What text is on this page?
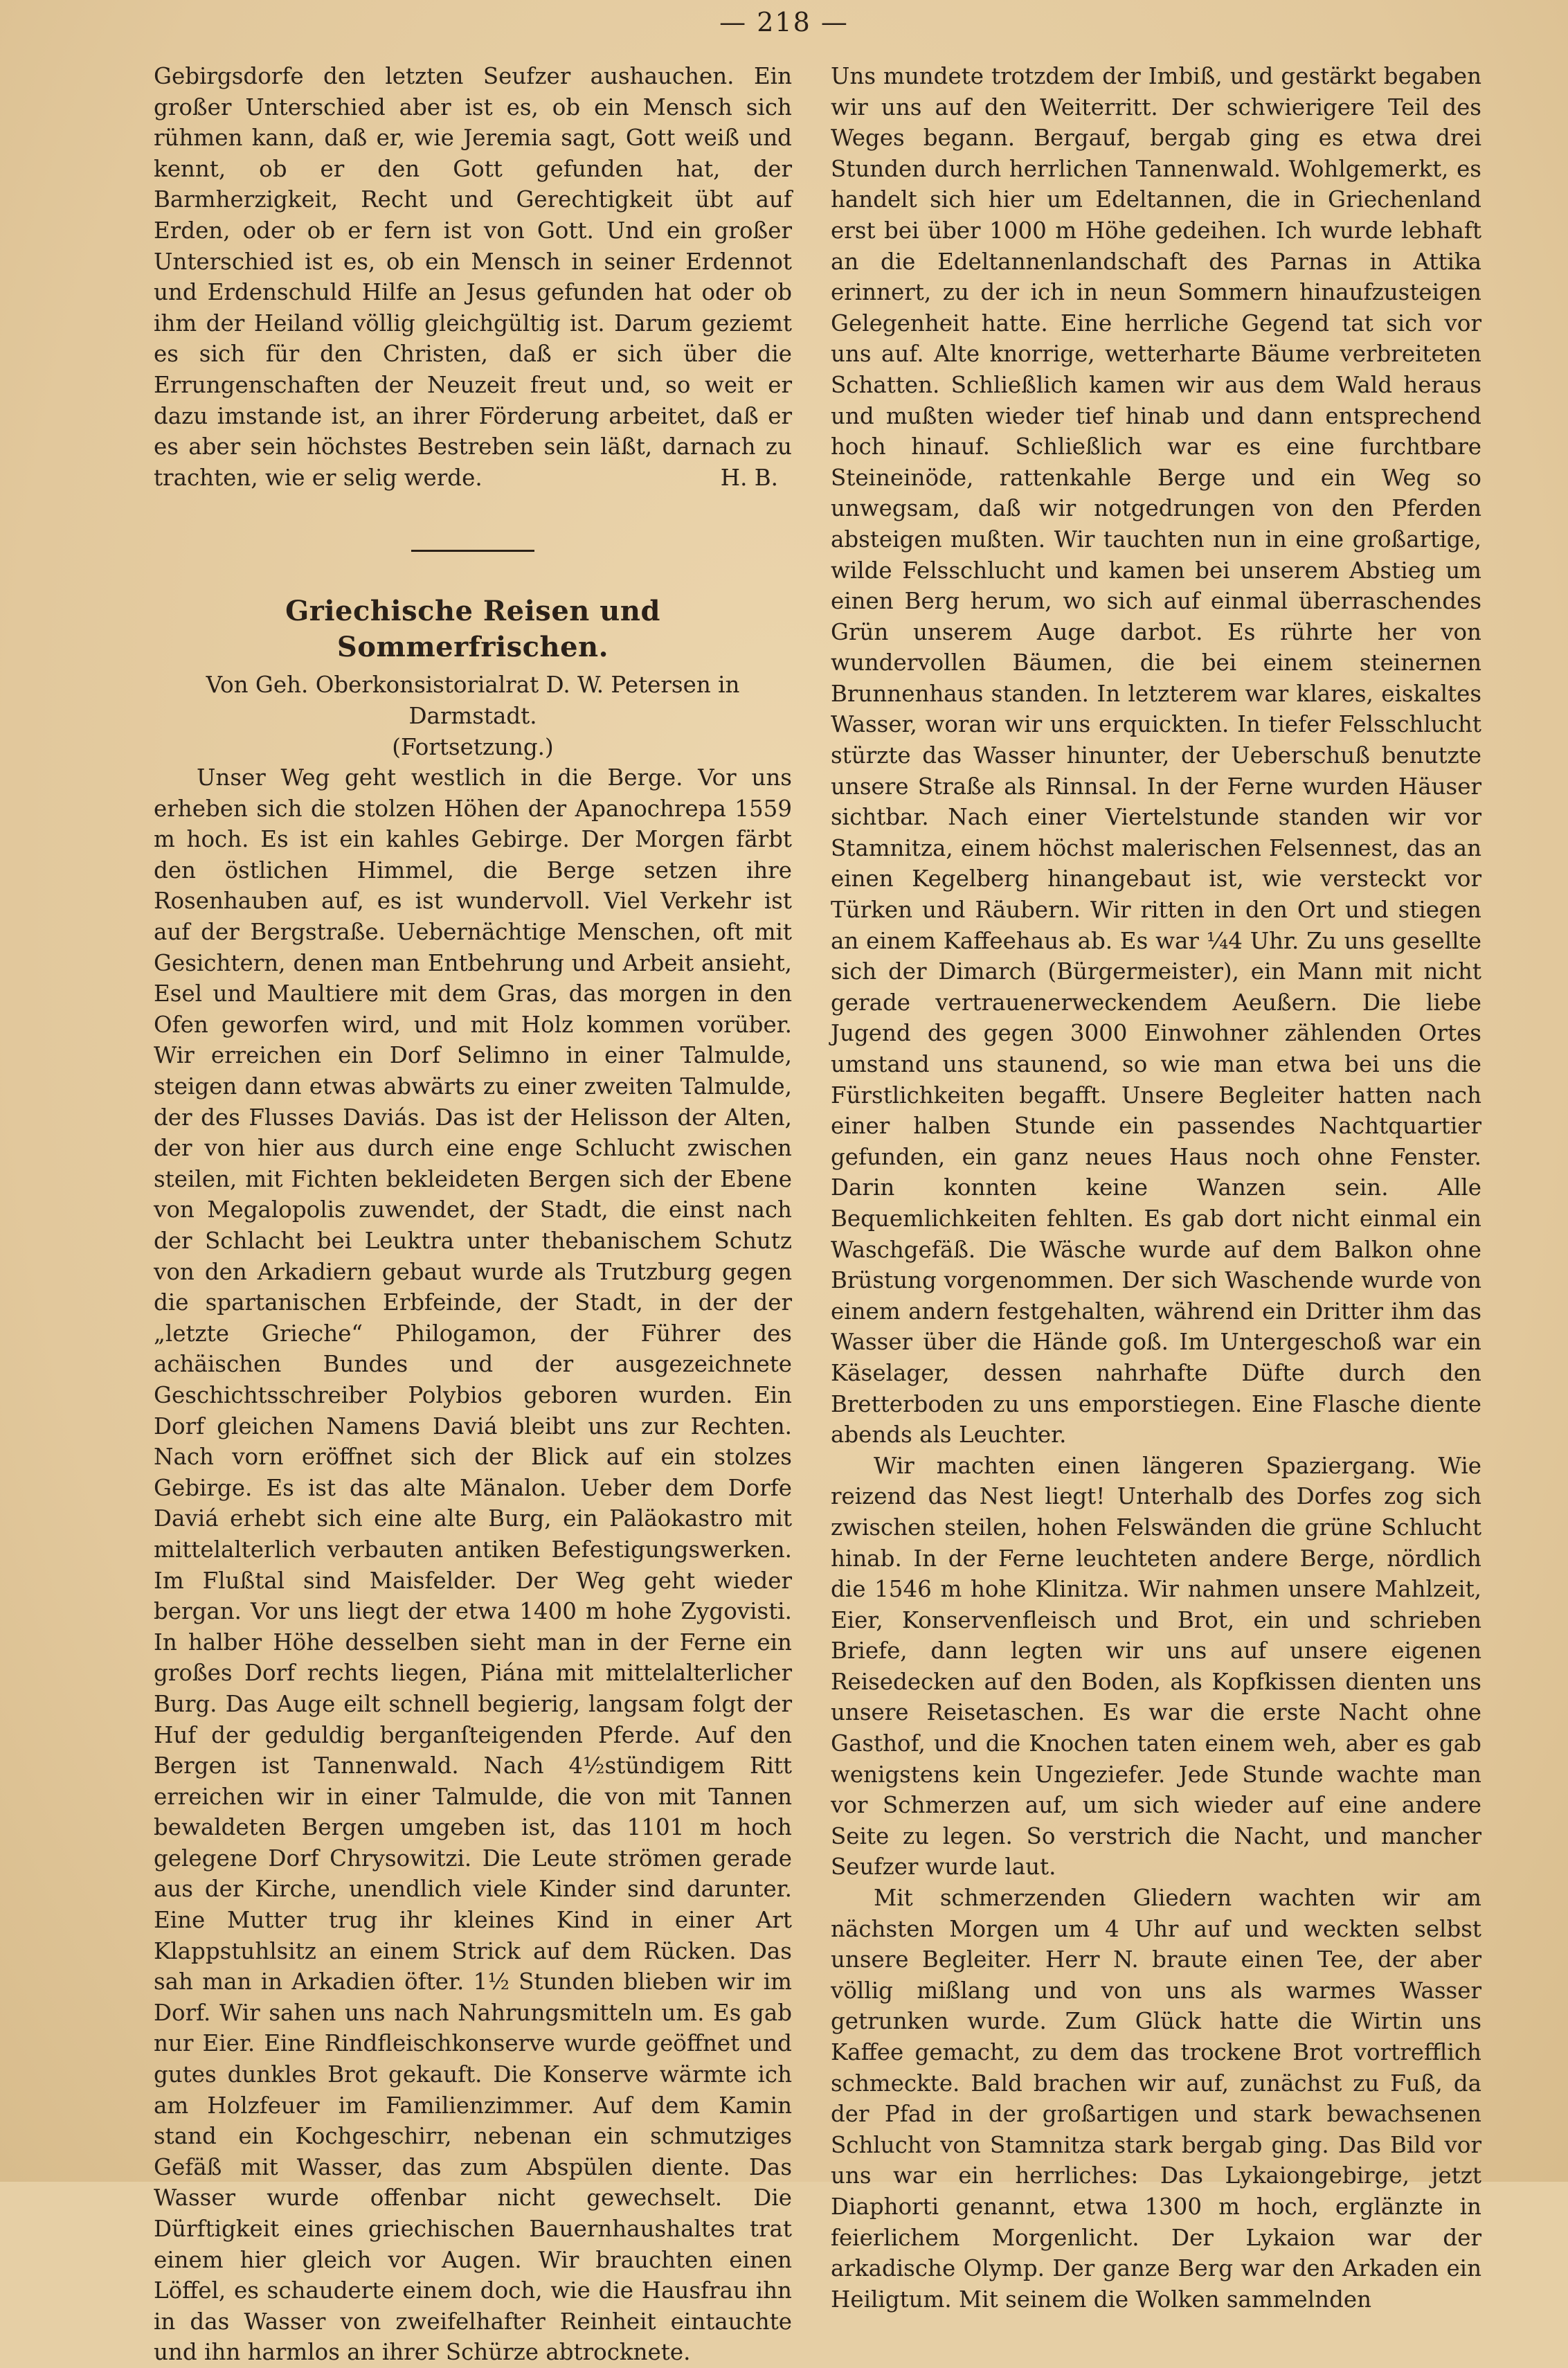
— 218 —

Gebirgsdorfe den letzten Seufzer aushauchen. Ein großer Unterschied aber ist es, ob ein Mensch sich rühmen kann, daß er, wie Jeremia sagt, Gott weiß und kennt, ob er den Gott gefunden hat, der Barmherzigkeit, Recht und Gerechtigkeit übt auf Erden, oder ob er fern ist von Gott. Und ein großer Unterschied ist es, ob ein Mensch in seiner Erdennot und Erdenschuld Hilfe an Jesus gefunden hat oder ob ihm der Heiland völlig gleichgültig ist. Darum geziemt es sich für den Christen, daß er sich über die Errungenschaften der Neuzeit freut und, so weit er dazu imstande ist, an ihrer Förderung arbeitet, daß er es aber sein höchstes Bestreben sein läßt, darnach zu trachten, wie er selig werde.	H. B.

Griechische Reisen und Sommerfrischen.

Von Geh. Oberkonsistorialrat D. W. Petersen in Darmstadt.

(Fortsetzung.)

Unser Weg geht westlich in die Berge. Vor uns erheben sich die stolzen Höhen der Apanochrepa 1559 m hoch. Es ist ein kahles Gebirge. Der Morgen färbt den östlichen Himmel, die Berge setzen ihre Rosenhauben auf, es ist wundervoll. Viel Verkehr ist auf der Bergstraße. Uebernächtige Menschen, oft mit Gesichtern, denen man Entbehrung und Arbeit ansieht, Esel und Maultiere mit dem Gras, das morgen in den Ofen geworfen wird, und mit Holz kommen vorüber. Wir erreichen ein Dorf Selimno in einer Talmulde, steigen dann etwas abwärts zu einer zweiten Talmulde, der des Flusses Daviás. Das ist der Helisson der Alten, der von hier aus durch eine enge Schlucht zwischen steilen, mit Fichten bekleideten Bergen sich der Ebene von Megalopolis zuwendet, der Stadt, die einst nach der Schlacht bei Leuktra unter thebanischem Schutz von den Arkadiern gebaut wurde als Trutzburg gegen die spartanischen Erbfeinde, der Stadt, in der der „letzte Grieche“ Philogamon, der Führer des achäischen Bundes und der ausgezeichnete Geschichtsschreiber Polybios geboren wurden. Ein Dorf gleichen Namens Daviá bleibt uns zur Rechten. Nach vorn eröffnet sich der Blick auf ein stolzes Gebirge. Es ist das alte Mänalon. Ueber dem Dorfe Daviá erhebt sich eine alte Burg, ein Paläokastro mit mittelalterlich verbauten antiken Befestigungswerken. Im Flußtal sind Maisfelder. Der Weg geht wieder bergan. Vor uns liegt der etwa 1400 m hohe Zygovisti. In halber Höhe desselben sieht man in der Ferne ein großes Dorf rechts liegen, Piána mit mittelalterlicher Burg. Das Auge eilt schnell begierig, langsam folgt der Huf der geduldig berganſteigenden Pferde. Auf den Bergen ist Tannenwald. Nach 4½stündigem Ritt erreichen wir in einer Talmulde, die von mit Tannen bewaldeten Bergen umgeben ist, das 1101 m hoch gelegene Dorf Chrysowitzi. Die Leute strömen gerade aus der Kirche, unendlich viele Kinder sind darunter. Eine Mutter trug ihr kleines Kind in einer Art Klappstuhlsitz an einem Strick auf dem Rücken. Das sah man in Arkadien öfter. 1½ Stunden blieben wir im Dorf. Wir sahen uns nach Nahrungsmitteln um. Es gab nur Eier. Eine Rindfleischkonserve wurde geöffnet und gutes dunkles Brot gekauft. Die Konserve wärmte ich am Holzfeuer im Familienzimmer. Auf dem Kamin stand ein Kochgeschirr, nebenan ein schmutziges Gefäß mit Wasser, das zum Abspülen diente. Das Wasser wurde offenbar nicht gewechselt. Die Dürftigkeit eines griechischen Bauernhaushaltes trat einem hier gleich vor Augen. Wir brauchten einen Löffel, es schauderte einem doch, wie die Hausfrau ihn in das Wasser von zweifelhafter Reinheit eintauchte und ihn harmlos an ihrer Schürze abtrocknete.

Uns mundete trotzdem der Imbiß, und gestärkt begaben wir uns auf den Weiterritt. Der schwierigere Teil des Weges begann. Bergauf, bergab ging es etwa drei Stunden durch herrlichen Tannenwald. Wohlgemerkt, es handelt sich hier um Edeltannen, die in Griechenland erst bei über 1000 m Höhe gedeihen. Ich wurde lebhaft an die Edeltannenlandschaft des Parnas in Attika erinnert, zu der ich in neun Sommern hinaufzusteigen Gelegenheit hatte. Eine herrliche Gegend tat sich vor uns auf. Alte knorrige, wetterharte Bäume verbreiteten Schatten. Schließlich kamen wir aus dem Wald heraus und mußten wieder tief hinab und dann entsprechend hoch hinauf. Schließlich war es eine furchtbare Steineinöde, rattenkahle Berge und ein Weg so unwegsam, daß wir notgedrungen von den Pferden absteigen mußten. Wir tauchten nun in eine großartige, wilde Felsschlucht und kamen bei unserem Abstieg um einen Berg herum, wo sich auf einmal überraschendes Grün unserem Auge darbot. Es rührte her von wundervollen Bäumen, die bei einem steinernen Brunnenhaus standen. In letzterem war klares, eiskaltes Wasser, woran wir uns erquickten. In tiefer Felsschlucht stürzte das Wasser hinunter, der Ueberschuß benutzte unsere Straße als Rinnsal. In der Ferne wurden Häuser sichtbar. Nach einer Viertelstunde standen wir vor Stamnitza, einem höchst malerischen Felsennest, das an einen Kegelberg hinangebaut ist, wie versteckt vor Türken und Räubern. Wir ritten in den Ort und stiegen an einem Kaffeehaus ab. Es war ¼4 Uhr. Zu uns gesellte sich der Dimarch (Bürgermeister), ein Mann mit nicht gerade vertrauenerweckendem Aeußern. Die liebe Jugend des gegen 3000 Einwohner zählenden Ortes umstand uns staunend, so wie man etwa bei uns die Fürstlichkeiten begafft. Unsere Begleiter hatten nach einer halben Stunde ein passendes Nachtquartier gefunden, ein ganz neues Haus noch ohne Fenster. Darin konnten keine Wanzen sein. Alle Bequemlichkeiten fehlten. Es gab dort nicht einmal ein Waschgefäß. Die Wäsche wurde auf dem Balkon ohne Brüstung vorgenommen. Der sich Waschende wurde von einem andern festgehalten, während ein Dritter ihm das Wasser über die Hände goß. Im Untergeschoß war ein Käselager, dessen nahrhafte Düfte durch den Bretterboden zu uns emporstiegen. Eine Flasche diente abends als Leuchter.

Wir machten einen längeren Spaziergang. Wie reizend das Nest liegt! Unterhalb des Dorfes zog sich zwischen steilen, hohen Felswänden die grüne Schlucht hinab. In der Ferne leuchteten andere Berge, nördlich die 1546 m hohe Klinitza. Wir nahmen unsere Mahlzeit, Eier, Konservenfleisch und Brot, ein und schrieben Briefe, dann legten wir uns auf unsere eigenen Reisedecken auf den Boden, als Kopfkissen dienten uns unsere Reisetaschen. Es war die erste Nacht ohne Gasthof, und die Knochen taten einem weh, aber es gab wenigstens kein Ungeziefer. Jede Stunde wachte man vor Schmerzen auf, um sich wieder auf eine andere Seite zu legen. So verstrich die Nacht, und mancher Seufzer wurde laut.

Mit schmerzenden Gliedern wachten wir am nächsten Morgen um 4 Uhr auf und weckten selbst unsere Begleiter. Herr N. braute einen Tee, der aber völlig mißlang und von uns als warmes Wasser getrunken wurde. Zum Glück hatte die Wirtin uns Kaffee gemacht, zu dem das trockene Brot vortrefflich schmeckte. Bald brachen wir auf, zunächst zu Fuß, da der Pfad in der großartigen und stark bewachsenen Schlucht von Stamnitza stark bergab ging. Das Bild vor uns war ein herrliches: Das Lykaiongebirge, jetzt Diaphorti genannt, etwa 1300 m hoch, erglänzte in feierlichem Morgenlicht. Der Lykaion war der arkadische Olymp. Der ganze Berg war den Arkaden ein Heiligtum. Mit seinem die Wolken sammelnden
